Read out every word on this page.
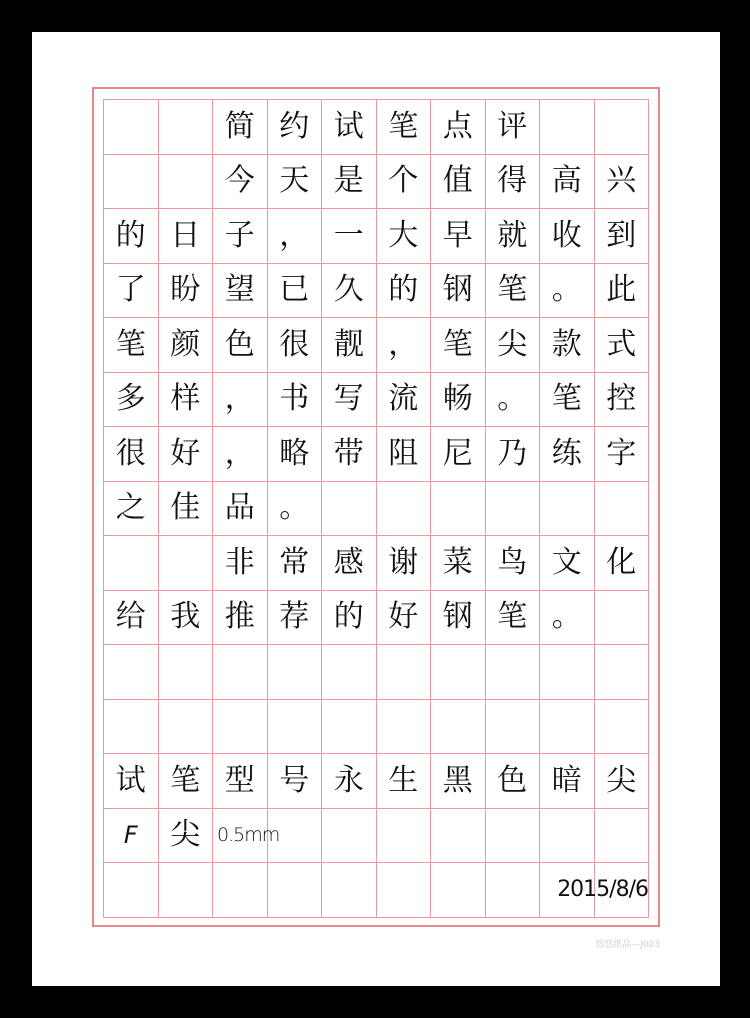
简 约 试 笔 点 评
今 天 是 个 值 得 高 兴
的 日 子 ， 一 大 早 就 收 到
了 盼 望 已 久 的 钢 笔 。 此
笔 颜 色 很 靓 ， 笔 尖 款 式
多 样 ， 书 写 流 畅 。 笔 控
很 好 ， 略 带 阻 尼 乃 练 字
之 佳 品 。
非 常 感 谢 菜 鸟 文 化
给 我 推 荐 的 好 钢 笔 。
试 笔 型 号 永 生 黑 色 暗 尖
F	尖 0.5mm
2015/8/6
悠悠纸品—J003
